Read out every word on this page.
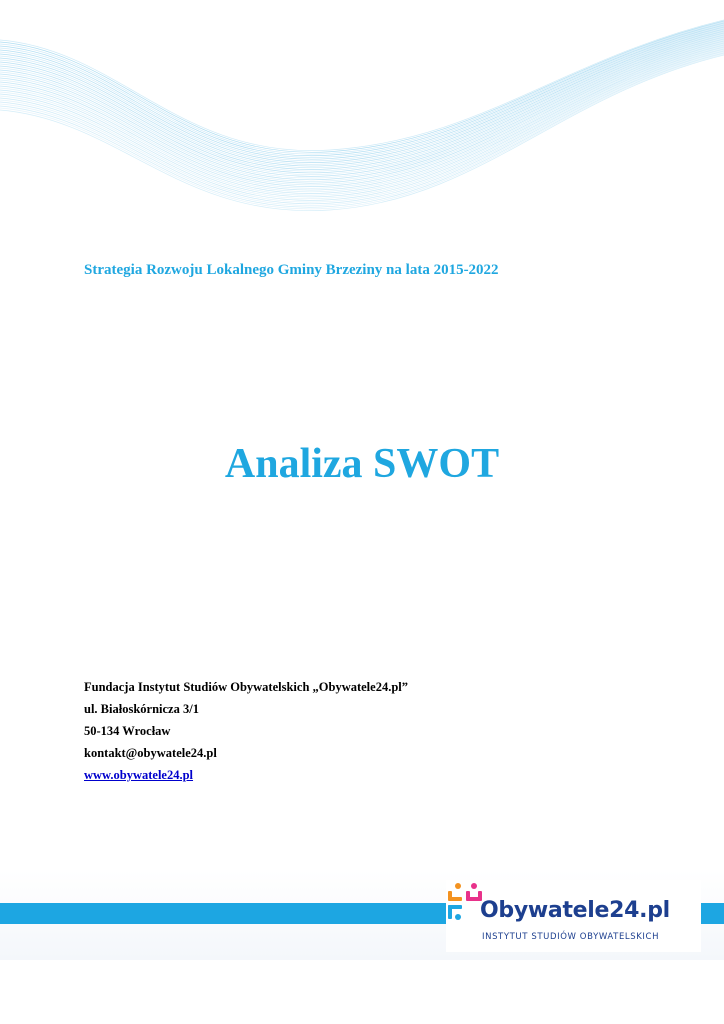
Strategia Rozwoju Lokalnego Gminy Brzeziny na lata 2015-2022
Analiza SWOT
Fundacja Instytut Studiów Obywatelskich „Obywatele24.pl”
ul. Białoskórnicza 3/1
50-134 Wrocław
kontakt@obywatele24.pl
www.obywatele24.pl
Obywatele24.pl
INSTYTUT STUDIÓW OBYWATELSKICH
